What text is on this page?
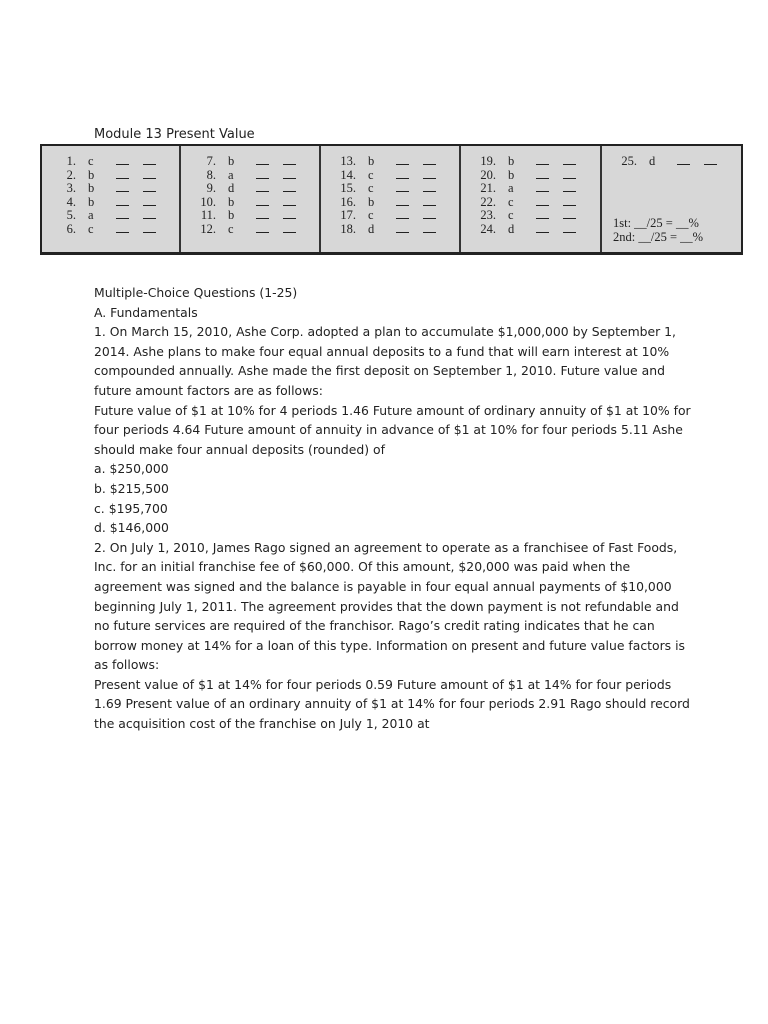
Module 13 Present Value
1. c
2. b
3. b
4. b
5. a
6. c
7. b
8. a
9. d
10. b
11. b
12. c
13. b
14. c
15. c
16. b
17. c
18. d
19. b
20. b
21. a
22. c
23. c
24. d
25. d
1st: __/25 = __%
2nd: __/25 = __%

Multiple-Choice Questions (1-25)

A. Fundamentals

1. On March 15, 2010, Ashe Corp. adopted a plan to accumulate $1,000,000 by September 1, 2014. Ashe plans to make four equal annual deposits to a fund that will earn interest at 10% compounded annually. Ashe made the first deposit on September 1, 2010. Future value and future amount factors are as follows:

Future value of $1 at 10% for 4 periods 1.46 Future amount of ordinary annuity of $1 at 10% for four periods 4.64 Future amount of annuity in advance of $1 at 10% for four periods 5.11 Ashe should make four annual deposits (rounded) of

a. $250,000

b. $215,500

c. $195,700

d. $146,000

2. On July 1, 2010, James Rago signed an agreement to operate as a franchisee of Fast Foods, Inc. for an initial franchise fee of $60,000. Of this amount, $20,000 was paid when the agreement was signed and the balance is payable in four equal annual payments of $10,000 beginning July 1, 2011. The agreement provides that the down payment is not refundable and no future services are required of the franchisor. Rago’s credit rating indicates that he can borrow money at 14% for a loan of this type. Information on present and future value factors is as follows:

Present value of $1 at 14% for four periods 0.59 Future amount of $1 at 14% for four periods 1.69 Present value of an ordinary annuity of $1 at 14% for four periods 2.91 Rago should record the acquisition cost of the franchise on July 1, 2010 at
